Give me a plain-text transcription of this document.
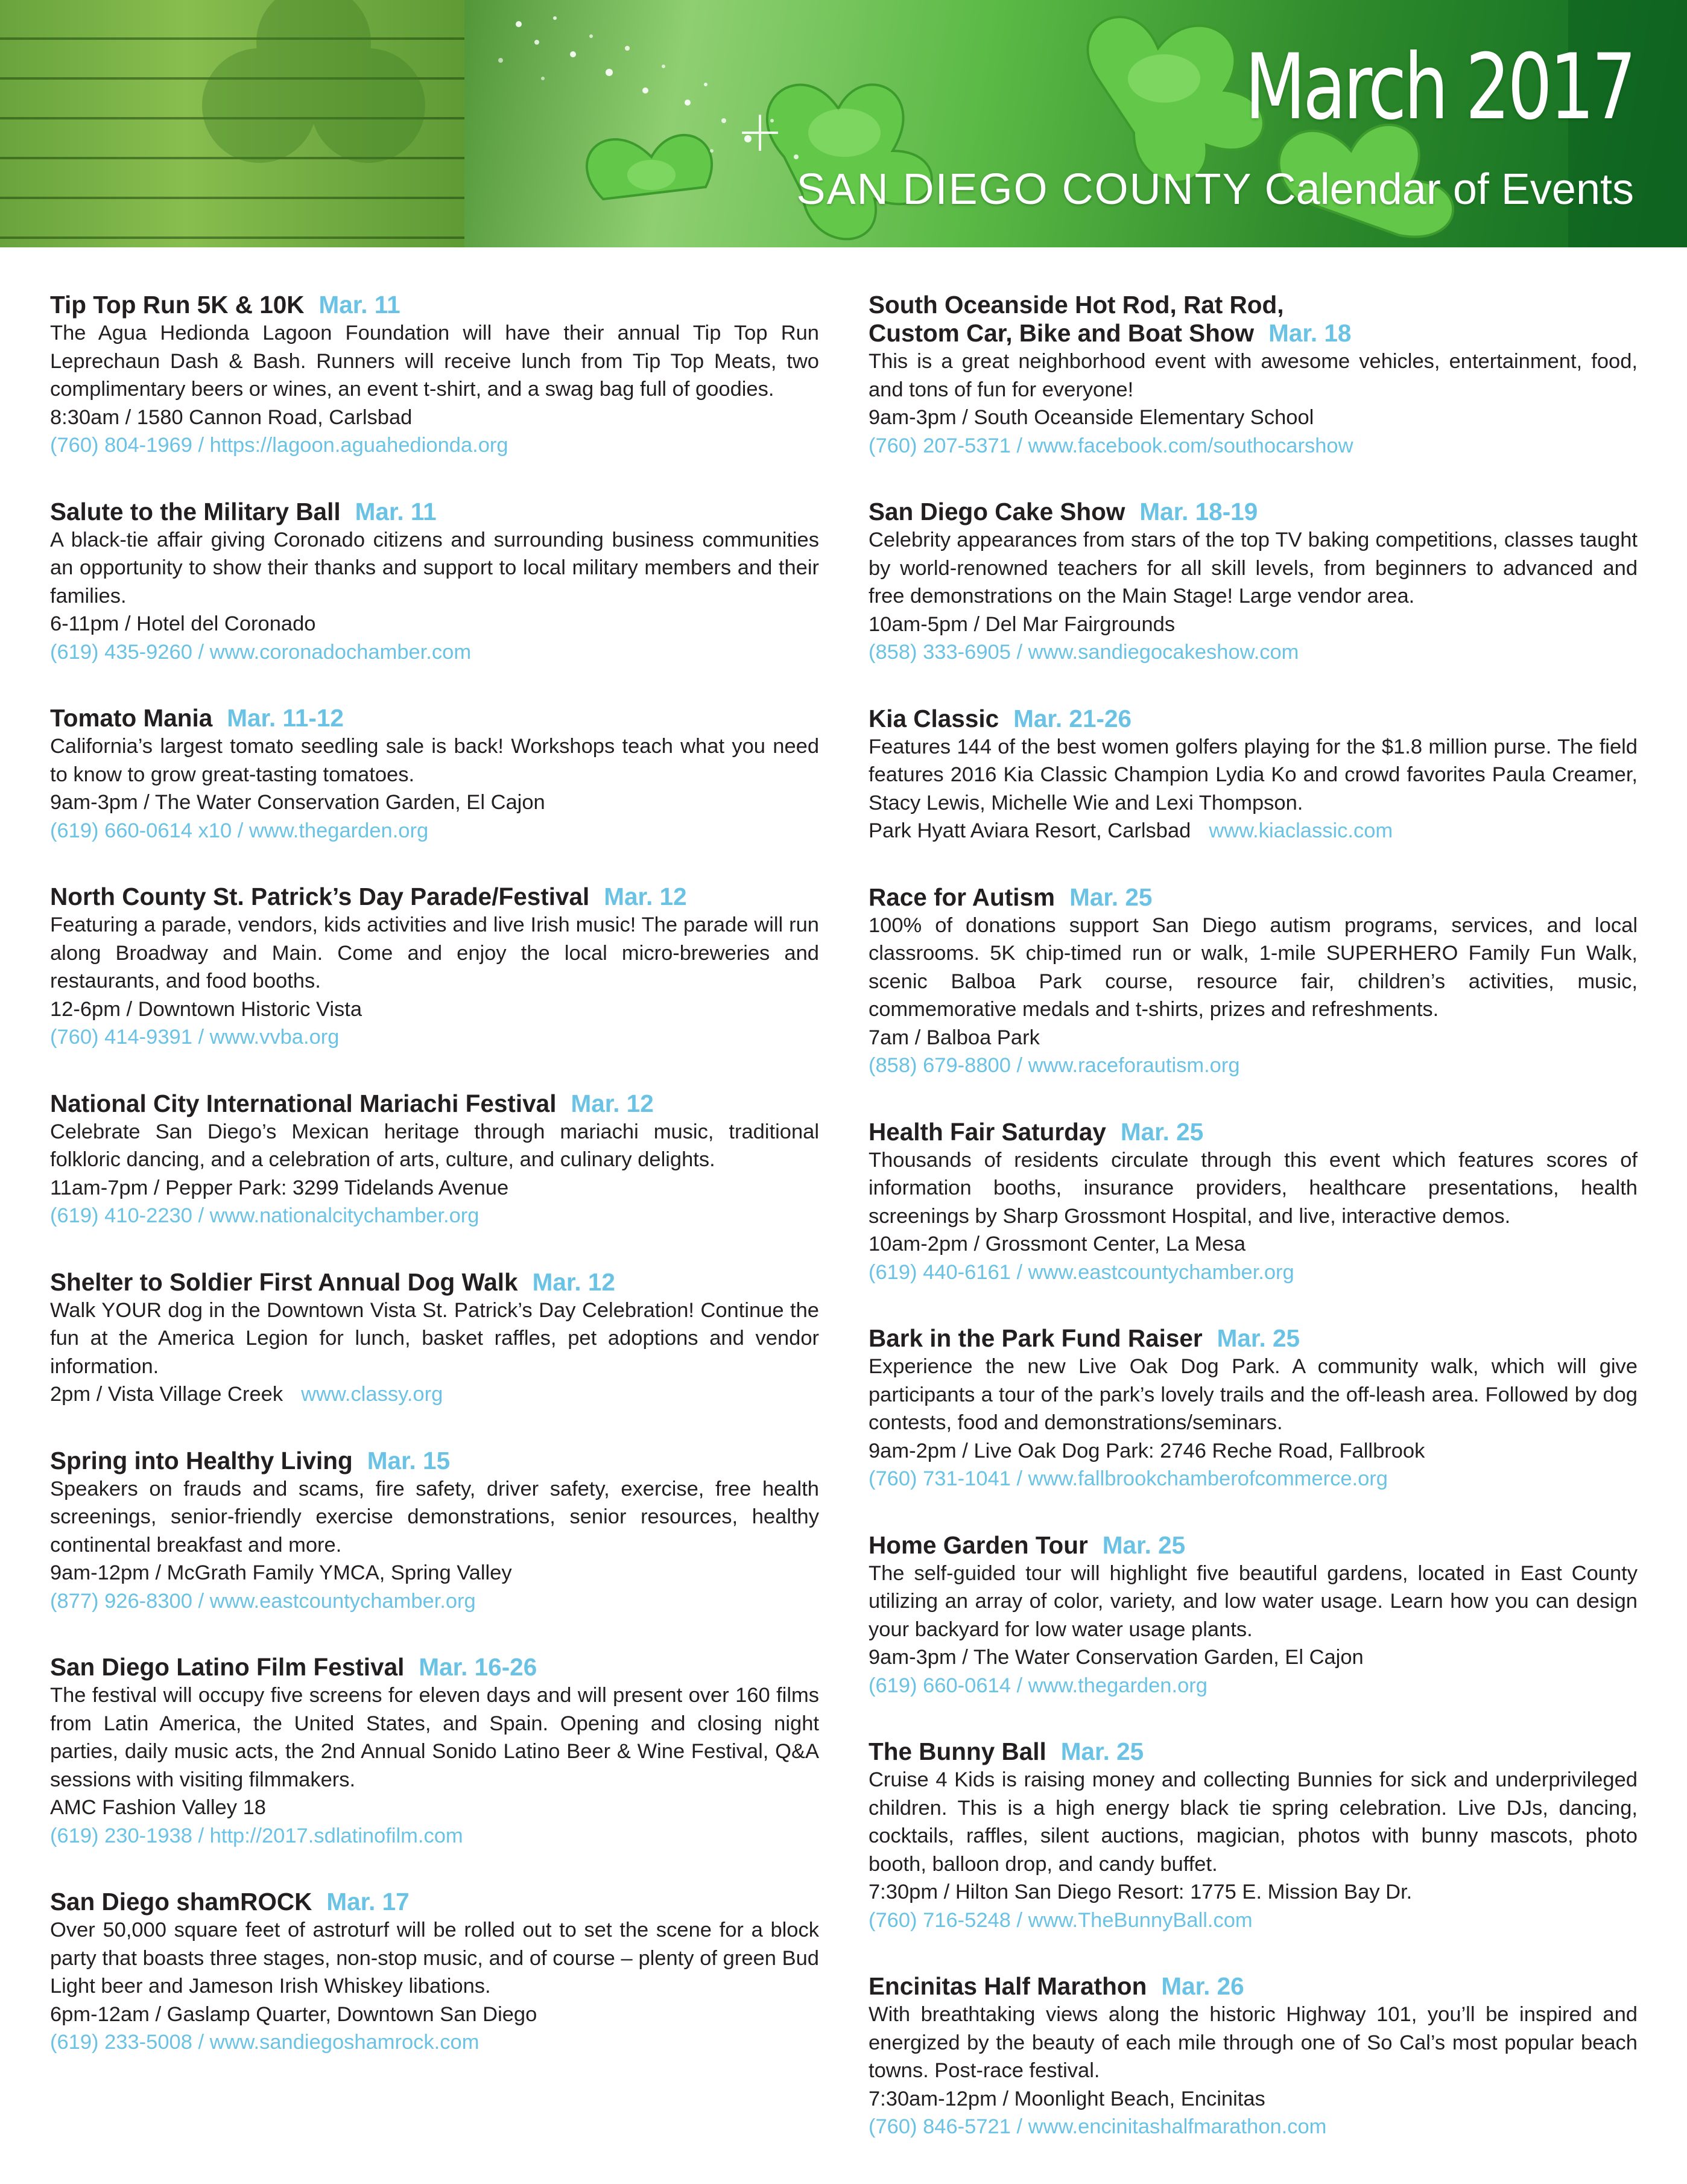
March 2017
SAN DIEGO COUNTY Calendar of Events

Tip Top Run 5K & 10K Mar. 11

The Agua Hedionda Lagoon Foundation will have their annual Tip Top Run Leprechaun Dash & Bash. Runners will receive lunch from Tip Top Meats, two complimentary beers or wines, an event t-shirt, and a swag bag full of goodies.

8:30am / 1580 Cannon Road, Carlsbad

(760) 804-1969 / https://lagoon.aguahedionda.org

Salute to the Military Ball Mar. 11

A black-tie affair giving Coronado citizens and surrounding business communities an opportunity to show their thanks and support to local military members and their families.

6-11pm / Hotel del Coronado

(619) 435-9260 / www.coronadochamber.com

Tomato Mania Mar. 11-12

California’s largest tomato seedling sale is back! Workshops teach what you need to know to grow great-tasting tomatoes.

9am-3pm / The Water Conservation Garden, El Cajon

(619) 660-0614 x10 / www.thegarden.org

North County St. Patrick’s Day Parade/Festival Mar. 12

Featuring a parade, vendors, kids activities and live Irish music! The parade will run along Broadway and Main. Come and enjoy the local micro-breweries and restaurants, and food booths.

12-6pm / Downtown Historic Vista

(760) 414-9391 / www.vvba.org

National City International Mariachi Festival Mar. 12

Celebrate San Diego’s Mexican heritage through mariachi music, traditional folkloric dancing, and a celebration of arts, culture, and culinary delights.

11am-7pm / Pepper Park: 3299 Tidelands Avenue

(619) 410-2230 / www.nationalcitychamber.org

Shelter to Soldier First Annual Dog Walk Mar. 12

Walk YOUR dog in the Downtown Vista St. Patrick’s Day Celebration! Continue the fun at the America Legion for lunch, basket raffles, pet adoptions and vendor information.

2pm / Vista Village Creek www.classy.org

Spring into Healthy Living Mar. 15

Speakers on frauds and scams, fire safety, driver safety, exercise, free health screenings, senior-friendly exercise demonstrations, senior resources, healthy continental breakfast and more.

9am-12pm / McGrath Family YMCA, Spring Valley

(877) 926-8300 / www.eastcountychamber.org

San Diego Latino Film Festival Mar. 16-26

The festival will occupy five screens for eleven days and will present over 160 films from Latin America, the United States, and Spain. Opening and closing night parties, daily music acts, the 2nd Annual Sonido Latino Beer & Wine Festival, Q&A sessions with visiting filmmakers.

AMC Fashion Valley 18

(619) 230-1938 / http://2017.sdlatinofilm.com

San Diego shamROCK Mar. 17

Over 50,000 square feet of astroturf will be rolled out to set the scene for a block party that boasts three stages, non-stop music, and of course – plenty of green Bud Light beer and Jameson Irish Whiskey libations.

6pm-12am / Gaslamp Quarter, Downtown San Diego

(619) 233-5008 / www.sandiegoshamrock.com

South Oceanside Hot Rod, Rat Rod,

Custom Car, Bike and Boat Show Mar. 18

This is a great neighborhood event with awesome vehicles, entertainment, food, and tons of fun for everyone!

9am-3pm / South Oceanside Elementary School

(760) 207-5371 / www.facebook.com/southocarshow

San Diego Cake Show Mar. 18-19

Celebrity appearances from stars of the top TV baking competitions, classes taught by world-renowned teachers for all skill levels, from beginners to advanced and free demonstrations on the Main Stage! Large vendor area.

10am-5pm / Del Mar Fairgrounds

(858) 333-6905 / www.sandiegocakeshow.com

Kia Classic Mar. 21-26

Features 144 of the best women golfers playing for the $1.8 million purse. The field features 2016 Kia Classic Champion Lydia Ko and crowd favorites Paula Creamer, Stacy Lewis, Michelle Wie and Lexi Thompson.

Park Hyatt Aviara Resort, Carlsbad www.kiaclassic.com

Race for Autism Mar. 25

100% of donations support San Diego autism programs, services, and local classrooms. 5K chip-timed run or walk, 1-mile SUPERHERO Family Fun Walk, scenic Balboa Park course, resource fair, children’s activities, music, commemorative medals and t-shirts, prizes and refreshments.

7am / Balboa Park

(858) 679-8800 / www.raceforautism.org

Health Fair Saturday Mar. 25

Thousands of residents circulate through this event which features scores of information booths, insurance providers, healthcare presentations, health screenings by Sharp Grossmont Hospital, and live, interactive demos.

10am-2pm / Grossmont Center, La Mesa

(619) 440-6161 / www.eastcountychamber.org

Bark in the Park Fund Raiser Mar. 25

Experience the new Live Oak Dog Park. A community walk, which will give participants a tour of the park’s lovely trails and the off-leash area. Followed by dog contests, food and demonstrations/seminars.

9am-2pm / Live Oak Dog Park: 2746 Reche Road, Fallbrook

(760) 731-1041 / www.fallbrookchamberofcommerce.org

Home Garden Tour Mar. 25

The self-guided tour will highlight five beautiful gardens, located in East County utilizing an array of color, variety, and low water usage. Learn how you can design your backyard for low water usage plants.

9am-3pm / The Water Conservation Garden, El Cajon

(619) 660-0614 / www.thegarden.org

The Bunny Ball Mar. 25

Cruise 4 Kids is raising money and collecting Bunnies for sick and underprivileged children. This is a high energy black tie spring celebration. Live DJs, dancing, cocktails, raffles, silent auctions, magician, photos with bunny mascots, photo booth, balloon drop, and candy buffet.

7:30pm / Hilton San Diego Resort: 1775 E. Mission Bay Dr.

(760) 716-5248 / www.TheBunnyBall.com

Encinitas Half Marathon Mar. 26

With breathtaking views along the historic Highway 101, you’ll be inspired and energized by the beauty of each mile through one of So Cal’s most popular beach towns. Post-race festival.

7:30am-12pm / Moonlight Beach, Encinitas

(760) 846-5721 / www.encinitashalfmarathon.com
